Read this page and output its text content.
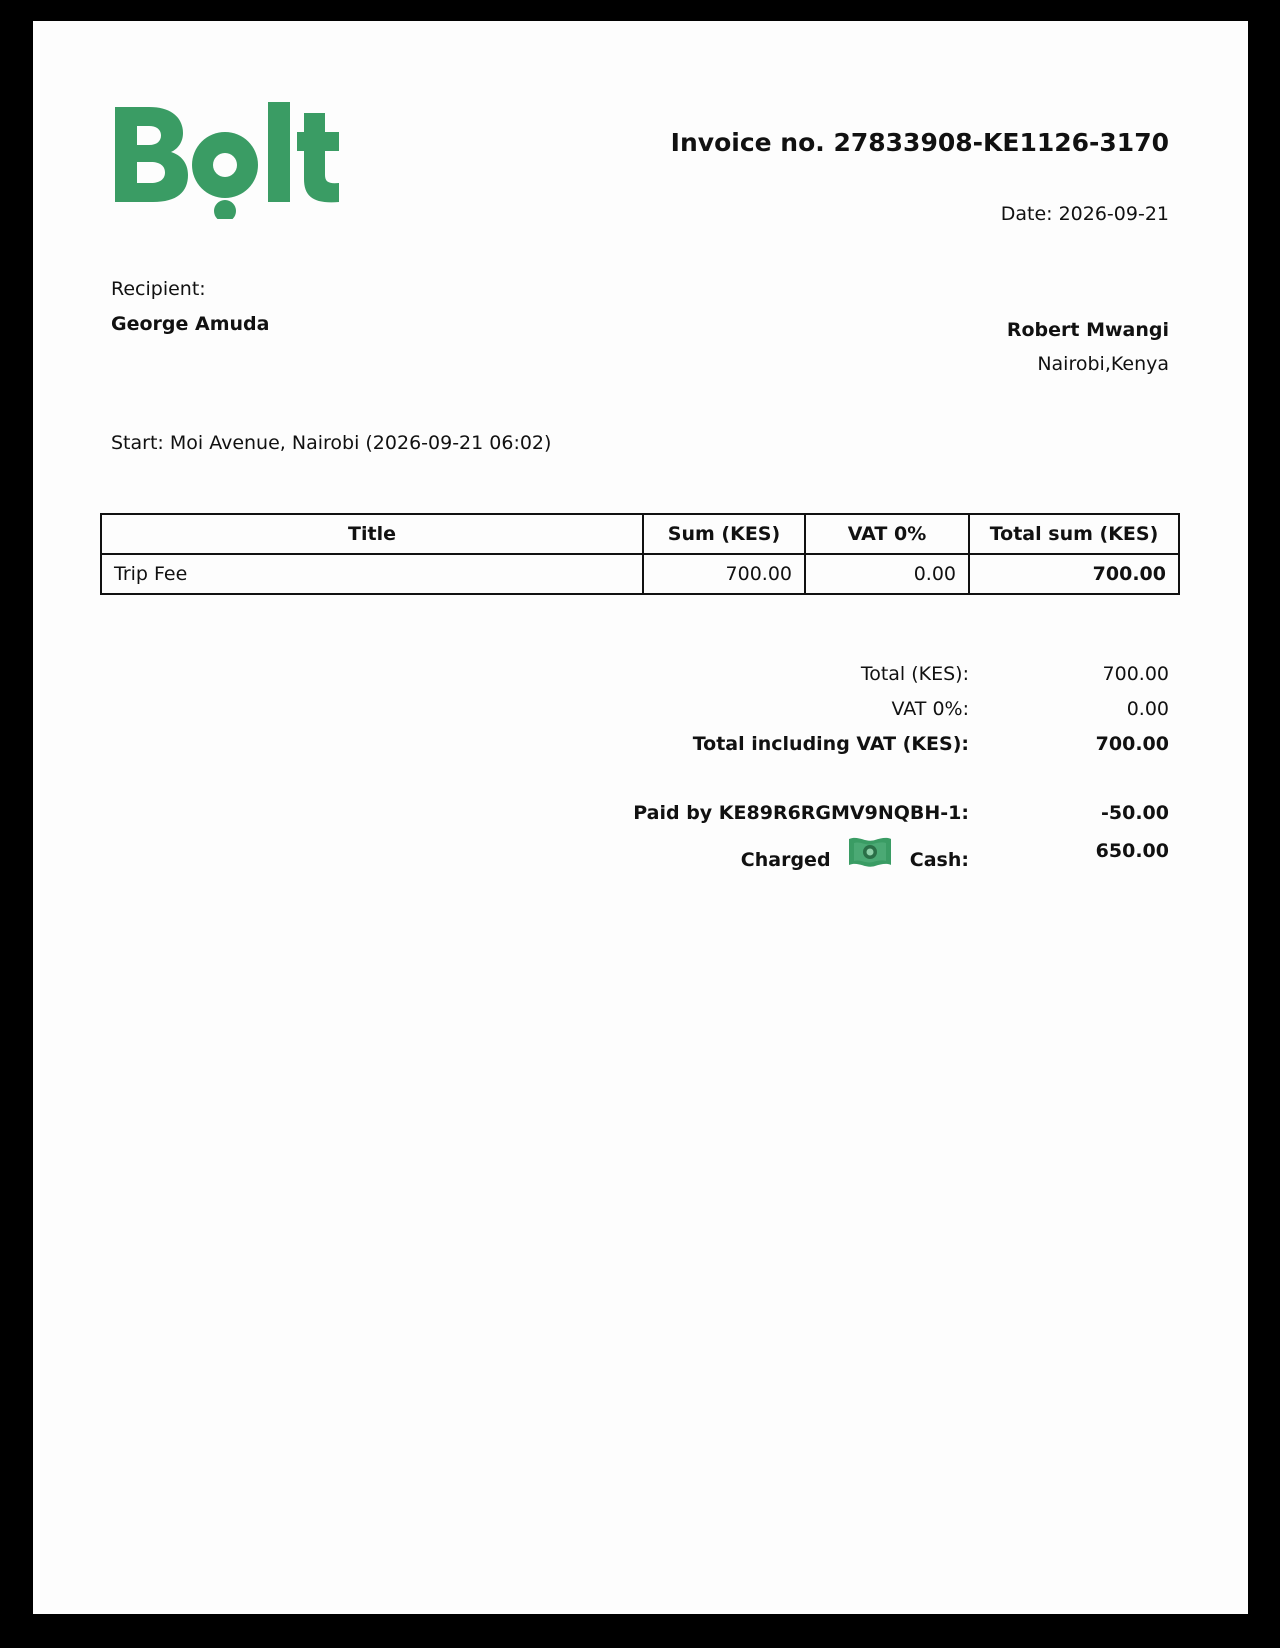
Invoice no. 27833908-KE1126-3170
Date: 2026-09-21
Recipient:
George Amuda	Robert Mwangi
Nairobi,Kenya
Start: Moi Avenue, Nairobi (2026-09-21 06:02)
Title	Sum (KES)	VAT 0%	Total sum (KES)
Trip Fee	700.00	0.00	700.00
Total (KES):	700.00
VAT 0%:	0.00
Total including VAT (KES):	700.00
Paid by KE89R6RGMV9NQBH-1:	-50.00
Charged	Cash:	650.00
